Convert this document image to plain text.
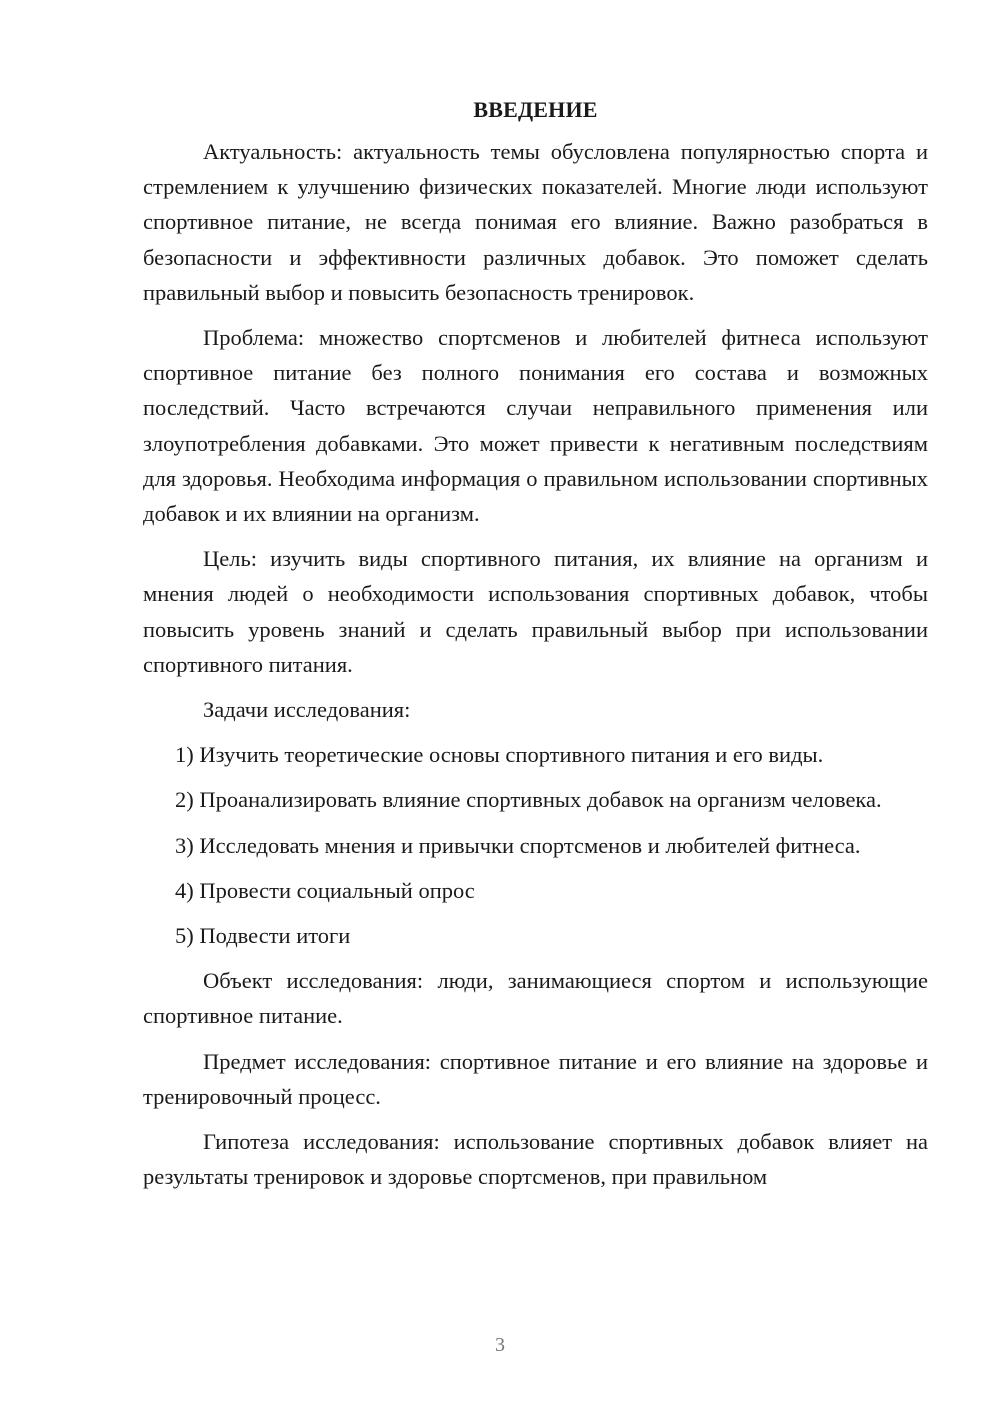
ВВЕДЕНИЕ

Актуальность: актуальность темы обусловлена популярностью спорта и стремлением к улучшению физических показателей. Многие люди используют спортивное питание, не всегда понимая его влияние. Важно разобраться в безопасности и эффективности различных добавок. Это поможет сделать правильный выбор и повысить безопасность тренировок.

Проблема: множество спортсменов и любителей фитнеса используют спортивное питание без полного понимания его состава и возможных последствий. Часто встречаются случаи неправильного применения или злоупотребления добавками. Это может привести к негативным последствиям для здоровья. Необходима информация о правильном использовании спортивных добавок и их влиянии на организм.

Цель: изучить виды спортивного питания, их влияние на организм и мнения людей о необходимости использования спортивных добавок, чтобы повысить уровень знаний и сделать правильный выбор при использовании спортивного питания.

Задачи исследования:

1) Изучить теоретические основы спортивного питания и его виды.

2) Проанализировать влияние спортивных добавок на организм человека.

3) Исследовать мнения и привычки спортсменов и любителей фитнеса.

4) Провести социальный опрос

5) Подвести итоги

Объект исследования: люди, занимающиеся спортом и использующие спортивное питание.

Предмет исследования: спортивное питание и его влияние на здоровье и тренировочный процесс.

Гипотеза исследования: использование спортивных добавок влияет на результаты тренировок и здоровье спортсменов, при правильном

3
